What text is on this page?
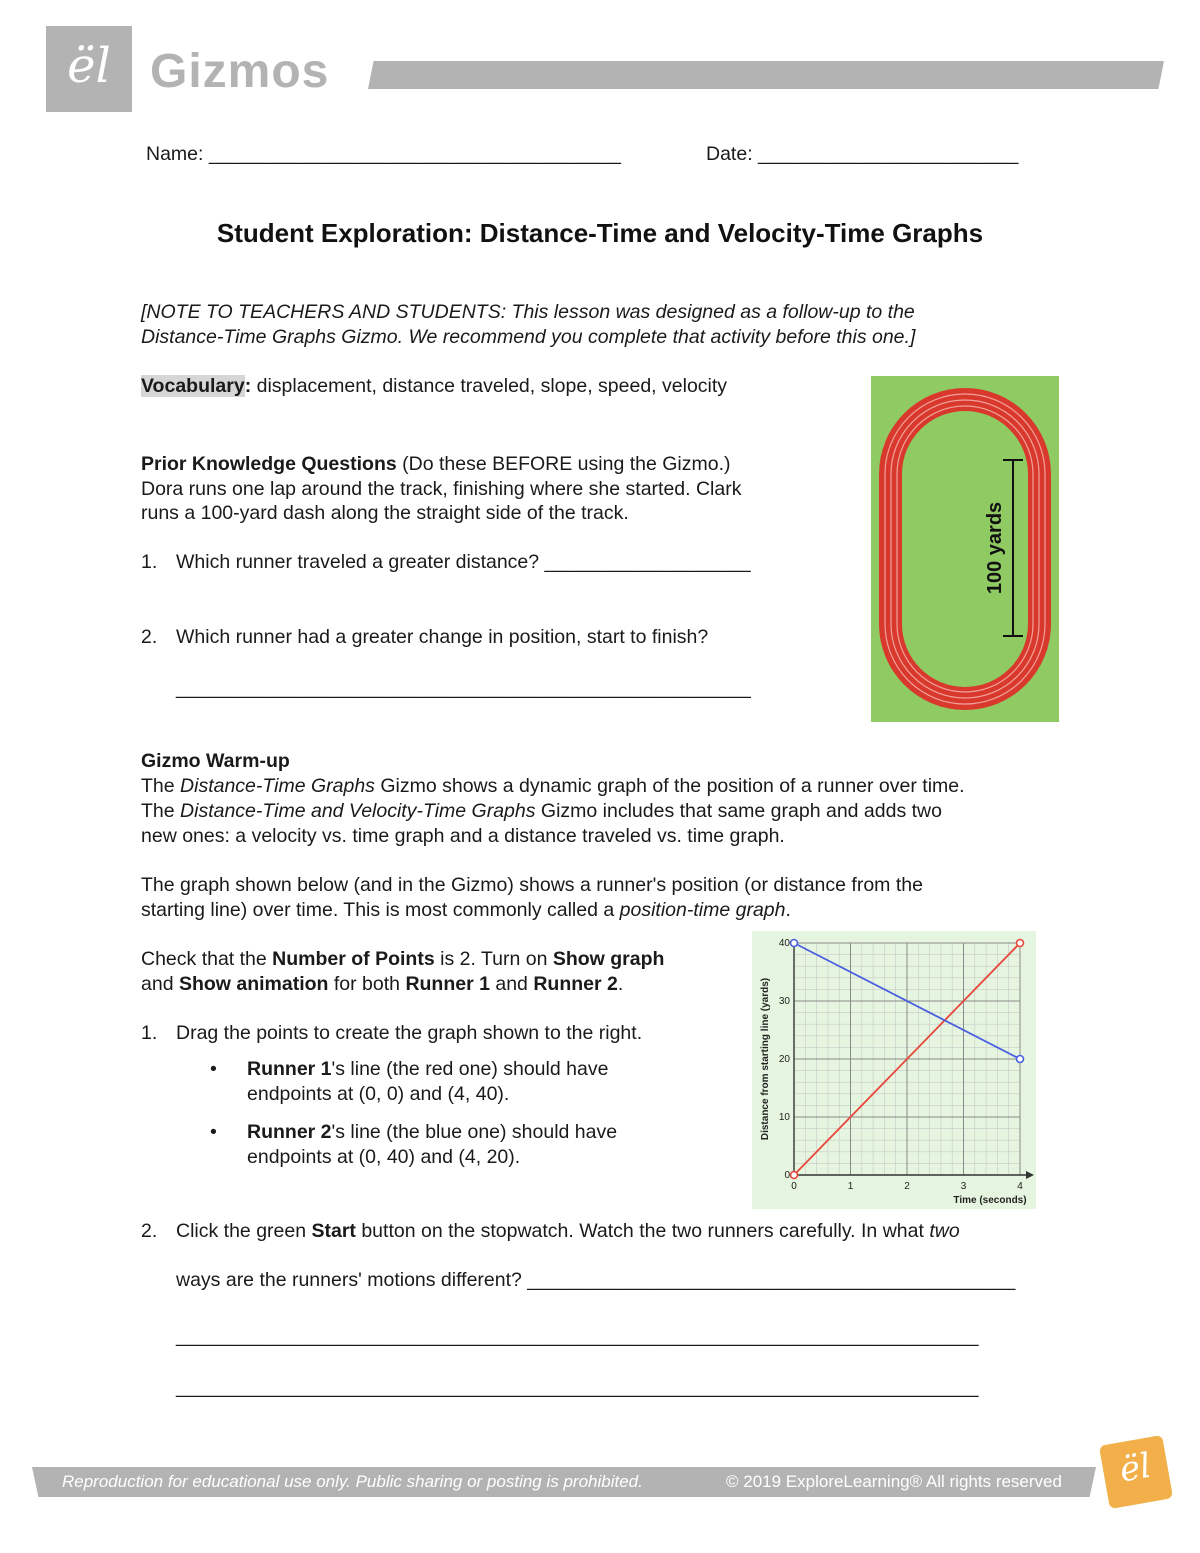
ël Gizmos
Name: ______________________________________	Date: ________________________
Student Exploration: Distance-Time and Velocity-Time Graphs
[NOTE TO TEACHERS AND STUDENTS: This lesson was designed as a follow-up to the
Distance-Time Graphs Gizmo. We recommend you complete that activity before this one.]
Vocabulary: displacement, distance traveled, slope, speed, velocity
Prior Knowledge Questions (Do these BEFORE using the Gizmo.)
Dora runs one lap around the track, finishing where she started. Clark
runs a 100-yard dash along the straight side of the track.
1. Which runner traveled a greater distance? ___________________
2. Which runner had a greater change in position, start to finish?
_____________________________________________________
100 yards
Gizmo Warm-up
The Distance-Time Graphs Gizmo shows a dynamic graph of the position of a runner over time.
The Distance-Time and Velocity-Time Graphs Gizmo includes that same graph and adds two
new ones: a velocity vs. time graph and a distance traveled vs. time graph.
The graph shown below (and in the Gizmo) shows a runner's position (or distance from the
starting line) over time. This is most commonly called a position-time graph.
Check that the Number of Points is 2. Turn on Show graph
and Show animation for both Runner 1 and Runner 2.
1. Drag the points to create the graph shown to the right.
• Runner 1's line (the red one) should have
endpoints at (0, 0) and (4, 40).
• Runner 2's line (the blue one) should have
endpoints at (0, 40) and (4, 20).
0	1	2	3	4
0
10
20
30
40
Time (seconds)
Distance from starting line (yards)
2. Click the green Start button on the stopwatch. Watch the two runners carefully. In what two
ways are the runners' motions different? _____________________________________________
__________________________________________________________________________
__________________________________________________________________________
Reproduction for educational use only. Public sharing or posting is prohibited.	© 2019 ExploreLearning® All rights reserved	ël
